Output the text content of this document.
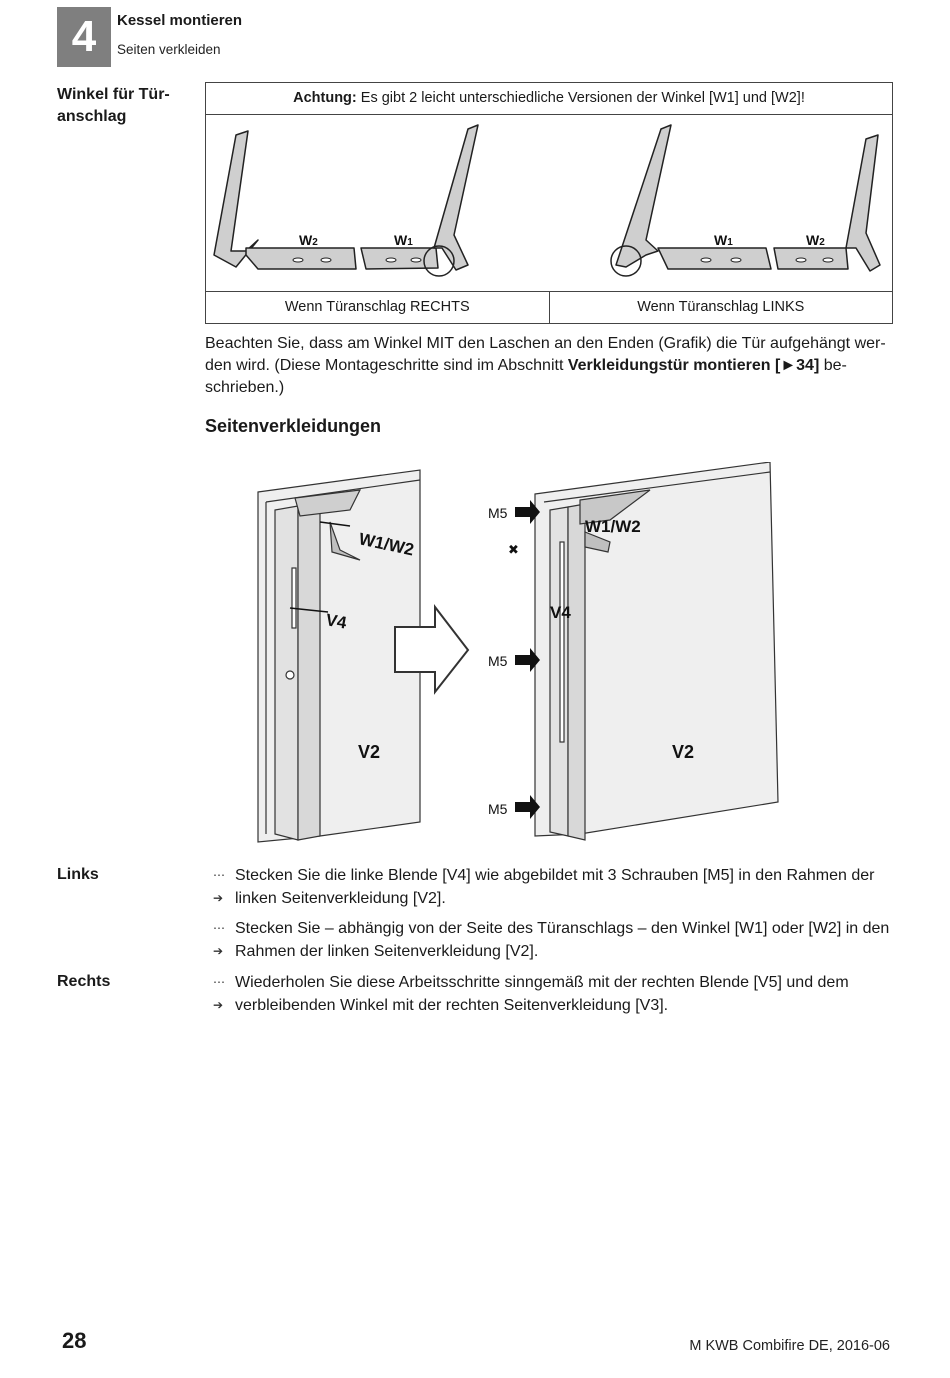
4	Kessel montieren
Seiten verkleiden
Winkel für Tür-
anschlag
Achtung: Es gibt 2 leicht unterschiedliche Versionen der Winkel [W1] und [W2]!
W2	W1	W1	W2
Wenn Türanschlag RECHTS	Wenn Türanschlag LINKS
Beachten Sie, dass am Winkel MIT den Laschen an den Enden (Grafik) die Tür aufgehängt wer-den wird. (Diese Montageschritte sind im Abschnitt Verkleidungstür montieren [►34] be-schrieben.)
Seitenverkleidungen
W1/W2
V4
V2
W1/W2
V4
V2
M5
M5
M5
✖
Links	⋯➔
Stecken Sie die linke Blende [V4] wie abgebildet mit 3 Schrauben [M5] in den Rahmen der linken Seitenverkleidung [V2].
⋯➔
Stecken Sie – abhängig von der Seite des Türanschlags – den Winkel [W1] oder [W2] in den Rahmen der linken Seitenverkleidung [V2].
Rechts	⋯➔
Wiederholen Sie diese Arbeitsschritte sinngemäß mit der rechten Blende [V5] und dem verbleibenden Winkel mit der rechten Seitenverkleidung [V3].
28	M KWB Combifire DE, 2016-06
